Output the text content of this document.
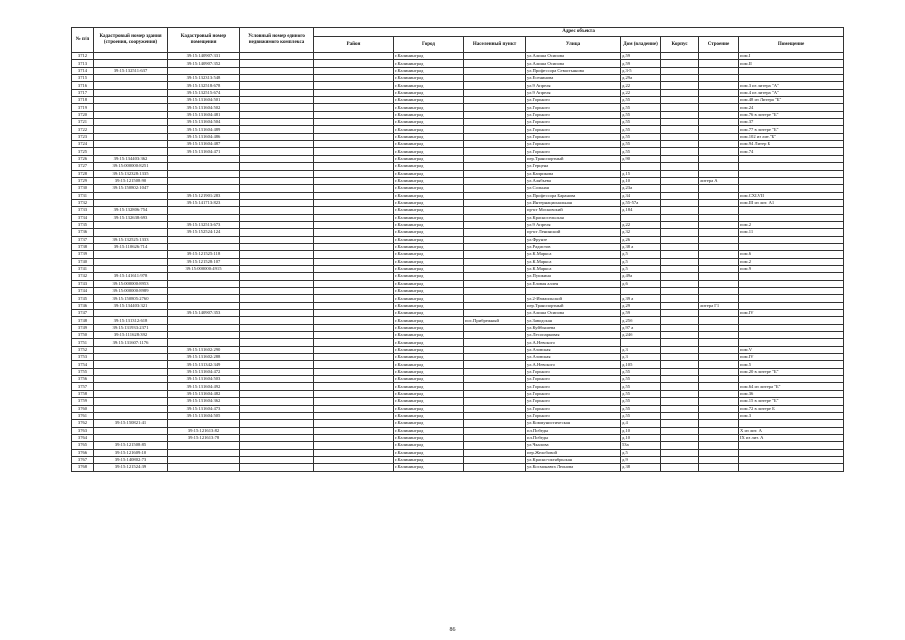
№ п/п	Кадастровый номер здания (строения, сооружения)	Кадастровый номер помещения	Условный номер единого недвижимого комплекса	Адрес объекта							
				Район	Город	Населенный пункт	Улица	Дом (владение)	Корпус	Строение	Помещение
3712		39:15:140907:331			г.Калининград		ул.Алиша Осипова	д.59			пом.I
3713		39:15:140907:352			г.Калининград		ул.Алиша Осипова	д.59			пом.II
3714	39:15:132511:637				г.Калининград		ул.Профессора Севастьянова	д.3-5			
3715		39:15:132313:548			г.Калининград		ул.Есенинова	д.29а			
3716		39:15:132518:678			г.Калининград		ул.9 Апреля	д.22			пом.3 из литера "А"
3717		39:15:132515:674			г.Калининград		ул.9 Апреля	д.22			пом.4 из литера "А"
3718		39:15:131604:501			г.Калининград		ул.Горького	д.55			пом.48 из Литера "Б"
3719		39:15:131604:502			г.Калининград		ул.Горького	д.55			пом.24
3720		39:15:131604:481			г.Калининград		ул.Горького	д.55			пом.76 в литере "Б"
3721		39:15:131604:504			г.Калининград		ул.Горького	д.55			пом.37
3722		39:15:131604:489			г.Калининград		ул.Горького	д.55			пом.77 в литере "Б"
3723		39:15:131604:486			г.Калининград		ул.Горького	д.55			пом.102 из лит."Б"
3724		39:15:131604:487			г.Калининград		ул.Горького	д.55			пом.94 Литер Б
3725		39:15:131604:471			г.Калининград		ул.Горького	д.55			пом.74
3726	39:15:134403:362				г.Калининград		пер.Транспортный	д.90			
3727	39:15:000000:8251				г.Калининград		ул.Герцена				
3728	39:15:132328:1335				г.Калининград		ул.Каприкова	д.15			
3729	39:15:121508:90				г.Калининград		ул.Алябьева	д.10		литера А	
3730	39:15:150802:1047				г.Калининград		ул.Сольная	д.23а			
3731		39:15:121901:283			г.Калининград		ул.Профессора Баранова	д.34			пом.CXLVII
3732		39:15:141713:823			г.Калининград		ул.Интернациональная	д.55-57а			пом.III из лит. А1
3733	39:15:132806:754				г.Калининград		пр-кт Московский	д.184			
3734	39:15:132638:693				г.Калининград		ул.Красносельская				
3735		39:15:132513:673			г.Калининград		ул.9 Апреля	д.22			пом.2
3736		39:15:152524:124			г.Калининград		пр-кт Ленинский	д.32			пом.11
3737	39:15:132525:1333				г.Калининград		ул.Фрунзе	д.26			
3738	39:15:110626:714				г.Калининград		ул.Радистов	д.38 а			
3739		39:15:121525:118			г.Калининград		ул.К.Маркса	д.5			пом.6
3740		39:15:121528:107			г.Калининград		ул.К.Маркса	д.5			пом.2
3741		39:15:000000:4915			г.Калининград		ул.К.Маркса	д.5			пом.9
3742	39:15:141611:978				г.Калининград		ул.Пушкина	д.49а			
3743	39:15:000000:8953				г.Калининград		ул.Еловая аллея	д.6			
3744	39:15:000000:8989				г.Калининград						
3745	39:15:150805:2760				г.Калининград		ул.2-Измаильской	д.39 а			
3746	39:15:134403:321				г.Калининград		пер.Транспортный	д.29		литера Г1	
3747		39:15:140907:353			г.Калининград		ул.Алиша Осипова	д.59			пом.IV
3748	39:15:131312:618				г.Калининград	пос.Прибрежный	ул.Заводская	д.25б			
3749	39:15:131933:2371				г.Калининград		ул.Куйбышева	д.97 а			
3750	39:15:111628:392				г.Калининград		ул.Лесопарковая	д.24б			
3751	39:15:131607:1176				г.Калининград		ул.А.Невского				
3752		39:15:131602:290			г.Калининград		ул.Азовская	д.3			пом.V
3753		39:15:131602:288			г.Калининград		ул.Азовская	д.3			пом.IV
3754		39:15:131342:349			г.Калининград		ул.А.Невского	д.105			пом.5
3755		39:15:131604:472			г.Калининград		ул.Горького	д.55			пом.20 в литере "Б"
3756		39:15:131604:503			г.Калининград		ул.Горького	д.55			
3757		39:15:131604:492			г.Калининград		ул.Горького	д.55			пом.64 из литера "Б"
3758		39:15:131604:482			г.Калининград		ул.Горького	д.55			пом.36
3759		39:15:131604:362			г.Калининград		ул.Горького	д.55			пом.15 в литере "Б"
3760		39:15:131604:473			г.Калининград		ул.Горького	д.55			пом.72 в литере Б
3761		39:15:131604:505			г.Калининград		ул.Горького	д.55			пом.3
3762	39:15:150821:41				г.Калининград		ул.Коммунистическая	д.4			
3763		39:15:121613:82			г.Калининград		пл.Победы	д.10			X из лит. А
3764		39:15:121613:78			г.Калининград		пл.Победы	д.10			IX из лит. А
3765	39:15:121508:85				г.Калининград		ул.Чкалова	53а			
3766	39:15:121609:10				г.Калининград		пер.Желобовой	д.5			
3767	39:15:140802:73				г.Калининград		ул.Красно-октябрьская	д.9			
3768	39:15:121524:39				г.Калининград		ул.Космонавта Леонова	д.38			
86
